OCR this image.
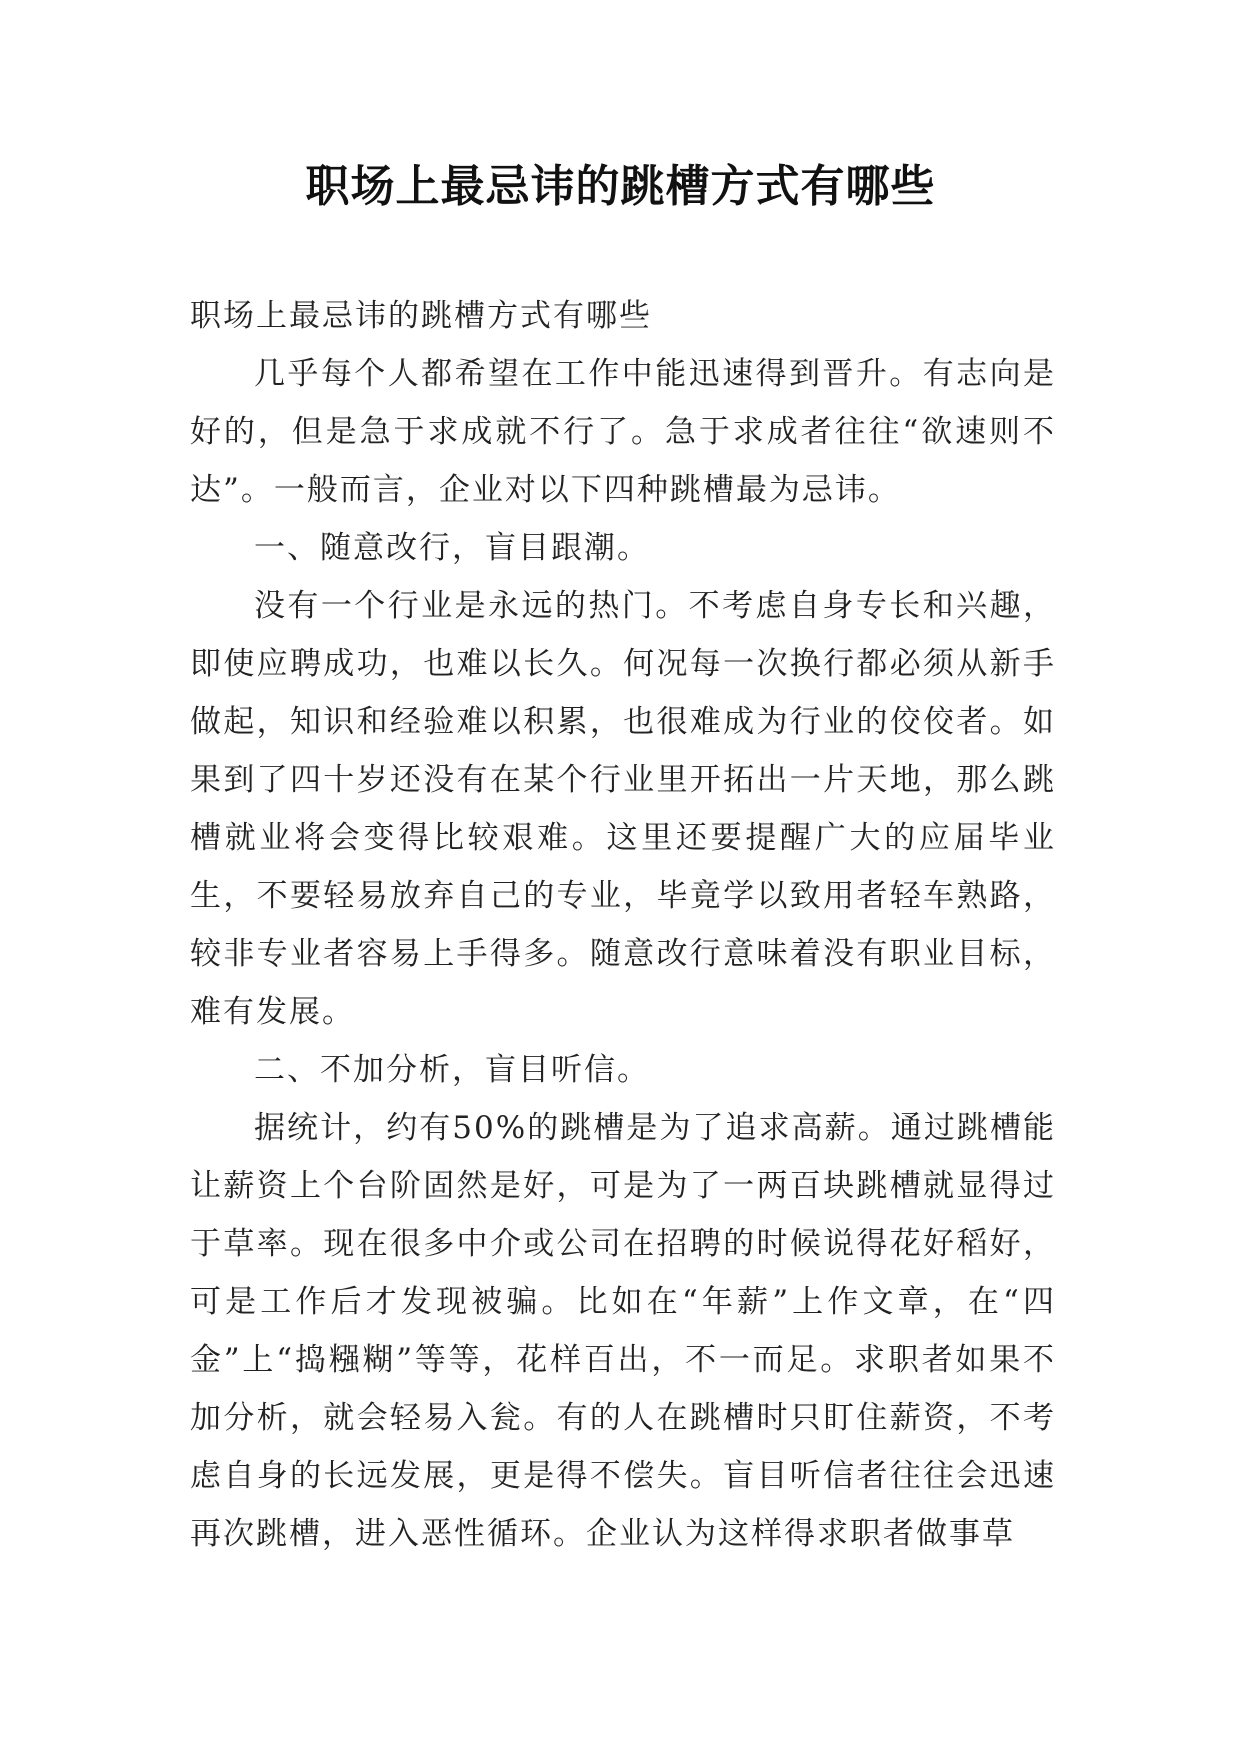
职场上最忌讳的跳槽方式有哪些

职场上最忌讳的跳槽方式有哪些

几乎每个人都希望在工作中能迅速得到晋升。有志向是好的，但是急于求成就不行了。急于求成者往往“欲速则不达”。一般而言，企业对以下四种跳槽最为忌讳。

一、随意改行，盲目跟潮。

没有一个行业是永远的热门。不考虑自身专长和兴趣，即使应聘成功，也难以长久。何况每一次换行都必须从新手做起，知识和经验难以积累，也很难成为行业的佼佼者。如果到了四十岁还没有在某个行业里开拓出一片天地，那么跳槽就业将会变得比较艰难。这里还要提醒广大的应届毕业生，不要轻易放弃自己的专业，毕竟学以致用者轻车熟路，较非专业者容易上手得多。随意改行意味着没有职业目标，难有发展。

二、不加分析，盲目听信。

据统计，约有50%的跳槽是为了追求高薪。通过跳槽能让薪资上个台阶固然是好，可是为了一两百块跳槽就显得过于草率。现在很多中介或公司在招聘的时候说得花好稻好，可是工作后才发现被骗。比如在“年薪”上作文章，在“四金”上“捣糨糊”等等，花样百出，不一而足。求职者如果不加分析，就会轻易入瓮。有的人在跳槽时只盯住薪资，不考虑自身的长远发展，更是得不偿失。盲目听信者往往会迅速再次跳槽，进入恶性循环。企业认为这样得求职者做事草
